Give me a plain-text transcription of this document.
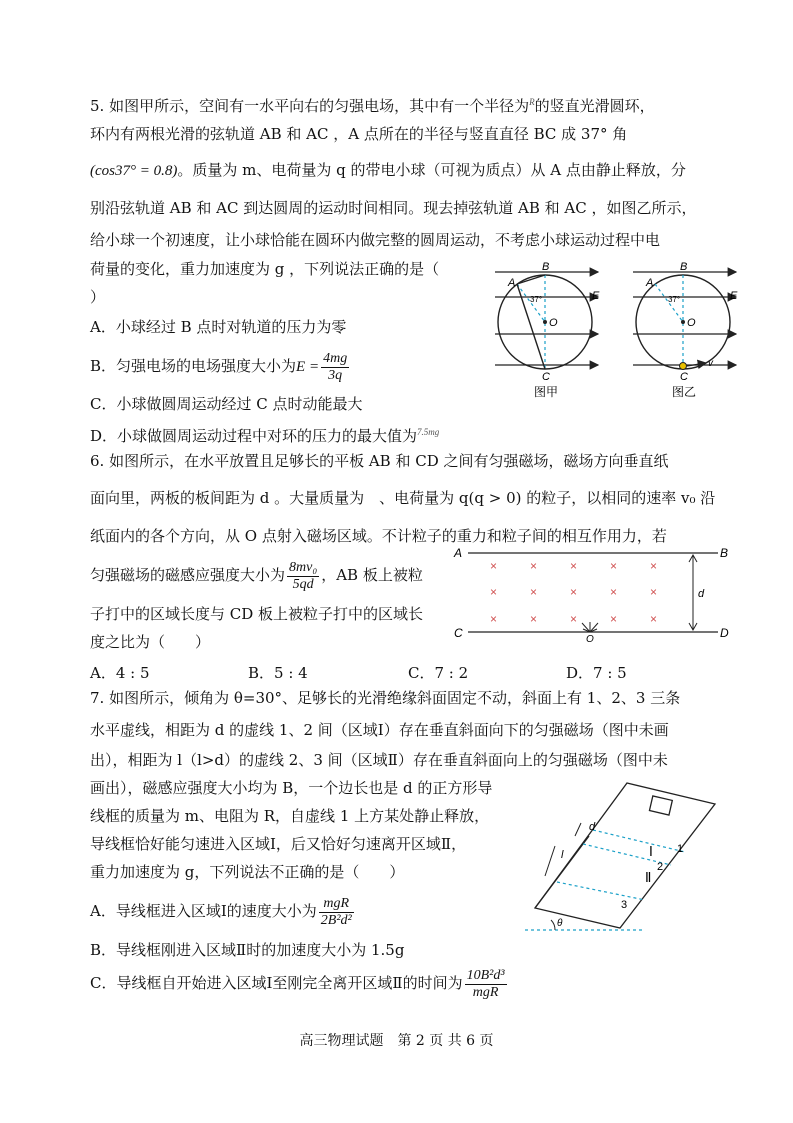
5. 如图甲所示，空间有一水平向右的匀强电场，其中有一个半径为$^R$的竖直光滑圆环，
环内有两根光滑的弦轨道 AB 和 AC ，A 点所在的半径与竖直直径 BC 成 37° 角
(cos37° = 0.8)。质量为 m、电荷量为 q 的带电小球（可视为质点）从 A 点由静止释放，分
别沿弦轨道 AB 和 AC 到达圆周的运动时间相同。现去掉弦轨道 AB 和 AC ，如图乙所示，
给小球一个初速度，让小球恰能在圆环内做完整的圆周运动，不考虑小球运动过程中电
荷量的变化，重力加速度为 g ，下列说法正确的是（
）
A．小球经过 B 点时对轨道的压力为零
B．匀强电场的电场强度大小为$E = \frac{4mg}{3q}$
C．小球做圆周运动经过 C 点时动能最大
D．小球做圆周运动过程中对环的压力的最大值为$^{7.5mg}$
A
B
C
E
O
37°
图甲
A
B
C
E
O
37°
v
图乙
6. 如图所示，在水平放置且足够长的平板 AB 和 CD 之间有匀强磁场，磁场方向垂直纸
面向里，两板的板间距为 d 。大量质量为　、电荷量为 q(q > 0) 的粒子，以相同的速率 v₀ 沿
纸面内的各个方向，从 O 点射入磁场区域。不计粒子的重力和粒子间的相互作用力，若
匀强磁场的磁感应强度大小为 $\frac{\text{8mv₀}}{5qd}$ ，AB 板上被粒
子打中的区域长度与 CD 板上被粒子打中的区域长
度之比为（　　）
A．4 : 5	B．5 : 4	C．7 : 2	D．7 : 5
A	B
C	D
d
×	×	×	×	×
×	×	×	×	×
×	×	×	×	×
O
7. 如图所示，倾角为 θ=30°、足够长的光滑绝缘斜面固定不动，斜面上有 1、2、3 三条
水平虚线，相距为 d 的虚线 1、2 间（区域Ⅰ）存在垂直斜面向下的匀强磁场（图中未画
出），相距为 l（l>d）的虚线 2、3 间（区域Ⅱ）存在垂直斜面向上的匀强磁场（图中未
画出），磁感应强度大小均为 B，一个边长也是 d 的正方形导
线框的质量为 m、电阻为 R，自虚线 1 上方某处静止释放，
导线框恰好能匀速进入区域Ⅰ，后又恰好匀速离开区域Ⅱ，
重力加速度为 g，下列说法不正确的是（　　）
A．导线框进入区域Ⅰ的速度大小为 $\frac{\text{mgR}}{\text{2B²d²}}$
B．导线框刚进入区域Ⅱ时的加速度大小为 1.5g
C．导线框自开始进入区域Ⅰ至刚完全离开区域Ⅱ的时间为 $\frac{\text{10B²d³}}{\text{mgR}}$
d
l	Ⅰ
Ⅱ
1
2
3
θ
高三物理试题　第 2 页 共 6 页
